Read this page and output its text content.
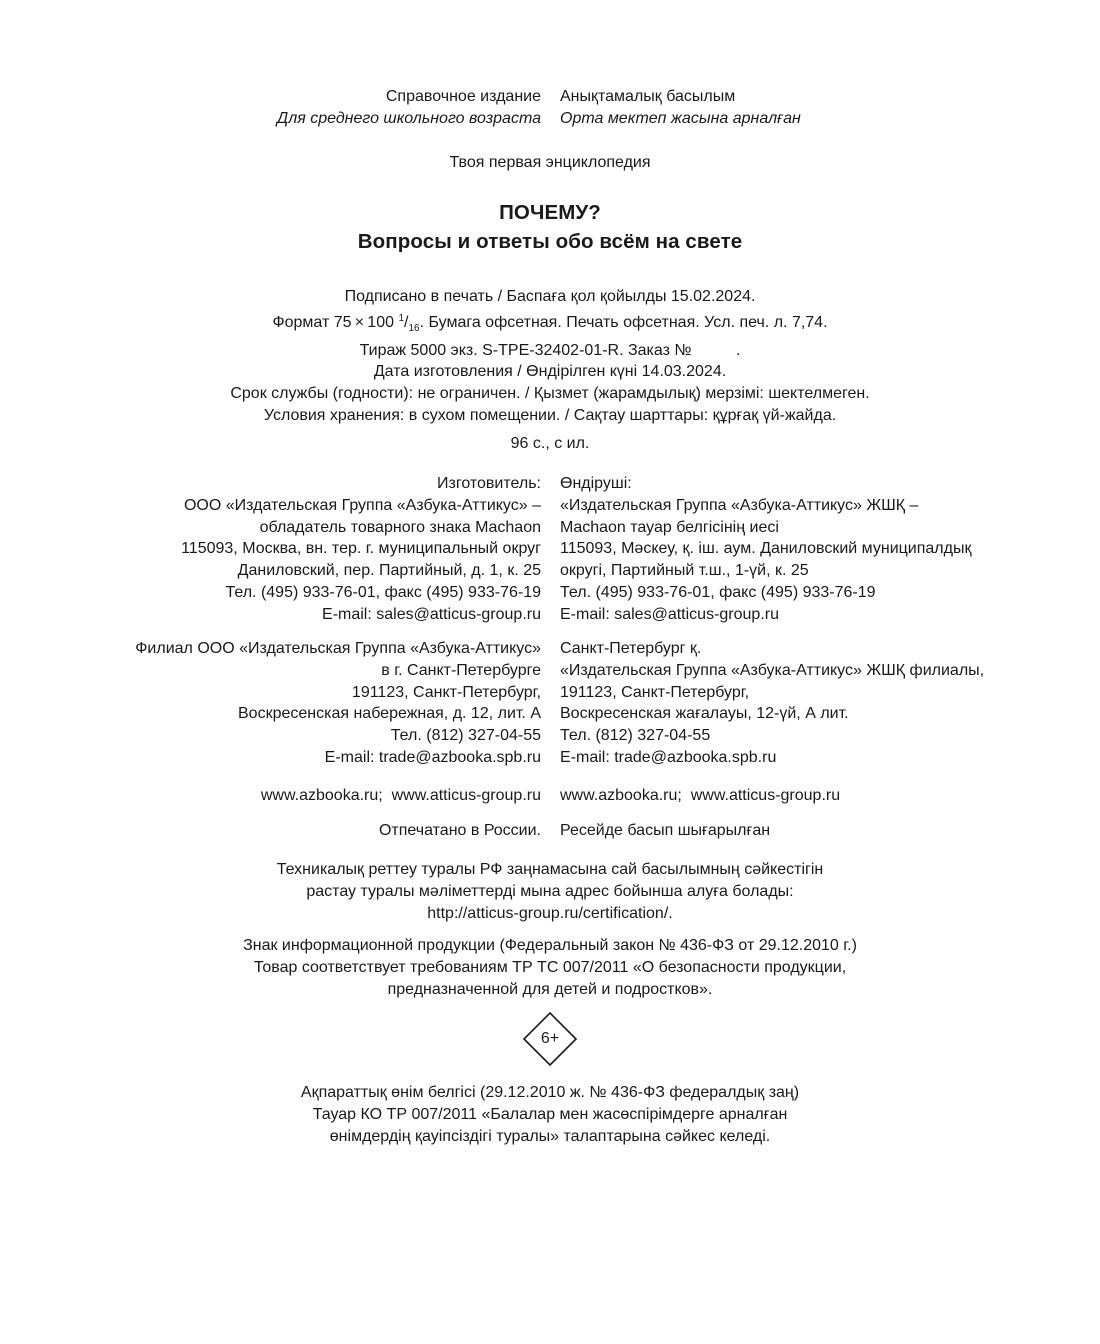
Справочное издание
Для среднего школьного возраста
Анықтамалық басылым
Орта мектеп жасына арналған
Твоя первая энциклопедия
ПОЧЕМУ?
Вопросы и ответы обо всём на свете
Подписано в печать / Баспаға қол қойылды 15.02.2024.
Формат 75 × 100 $^1/_{16}$. Бумага офсетная. Печать офсетная. Усл. печ. л. 7,74.
Тираж 5000 экз. S-TPE-32402-01-R. Заказ №          .
Дата изготовления / Өндірілген күні 14.03.2024.
Срок службы (годности): не ограничен. / Қызмет (жарамдылық) мерзімі: шектелмеген.
Условия хранения: в сухом помещении. / Сақтау шарттары: құрғақ үй-жайда.
96 с., с ил.
Изготовитель:
ООО «Издательская Группа «Азбука-Аттикус» –
обладатель товарного знака Machaon
115093, Москва, вн. тер. г. муниципальный округ
Даниловский, пер. Партийный, д. 1, к. 25
Тел. (495) 933-76-01, факс (495) 933-76-19
E-mail: sales@atticus-group.ru
Өндіруші:
«Издательская Группа «Азбука-Аттикус» ЖШҚ –
Machaon тауар белгісінің иесі
115093, Мәскеу, қ. іш. аум. Даниловский муниципалдық
округі, Партийный т.ш., 1-үй, к. 25
Тел. (495) 933-76-01, факс (495) 933-76-19
E-mail: sales@atticus-group.ru
Филиал ООО «Издательская Группа «Азбука-Аттикус»
в г. Санкт-Петербурге
191123, Санкт-Петербург,
Воскресенская набережная, д. 12, лит. А
Тел. (812) 327-04-55
E-mail: trade@azbooka.spb.ru
Санкт-Петербург қ.
«Издательская Группа «Азбука-Аттикус» ЖШҚ филиалы,
191123, Санкт-Петербург,
Воскресенская жағалауы, 12-үй, А лит.
Тел. (812) 327-04-55
E-mail: trade@azbooka.spb.ru
www.azbooka.ru;  www.atticus-group.ru www.azbooka.ru;  www.atticus-group.ru
Отпечатано в России. Ресейде басып шығарылған
Техникалық реттеу туралы РФ заңнамасына сай басылымның сәйкестігін
растау туралы мәліметтерді мына адрес бойынша алуға болады:
http://atticus-group.ru/certification/.
Знак информационной продукции (Федеральный закон № 436-ФЗ от 29.12.2010 г.)
Товар соответствует требованиям ТР ТС 007/2011 «О безопасности продукции,
предназначенной для детей и подростков».
6+
Ақпараттық өнім белгісі (29.12.2010 ж. № 436-ФЗ федералдық заң)
Тауар КО ТР 007/2011 «Балалар мен жасөспірімдерге арналған
өнімдердің қауіпсіздігі туралы» талаптарына сәйкес келеді.
